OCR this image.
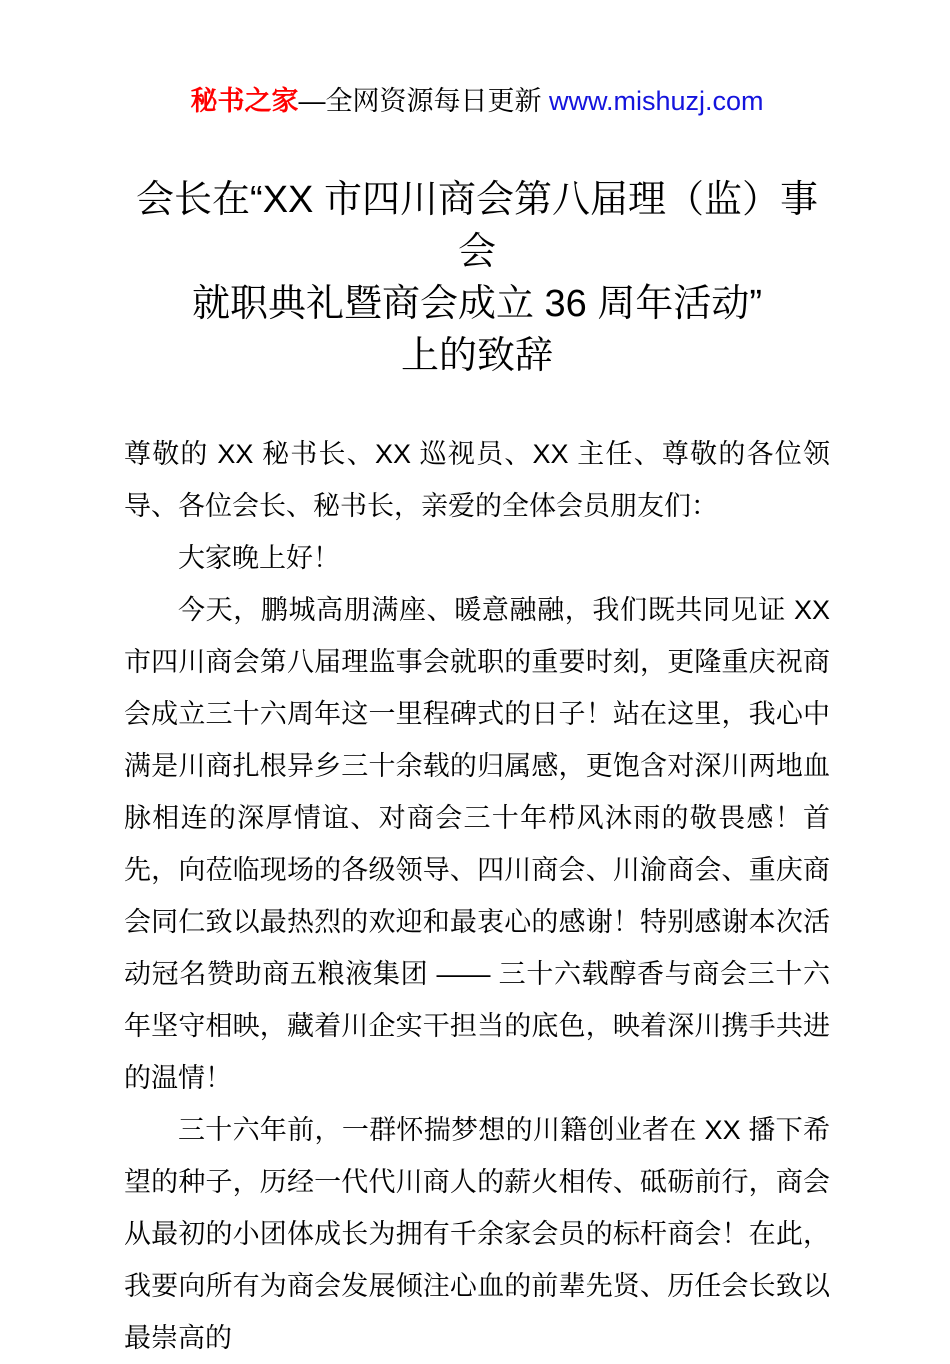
秘书之家—全网资源每日更新 www.mishuzj.com
会长在“XX 市四川商会第八届理（监）事会
就职典礼暨商会成立 36 周年活动”
上的致辞

尊敬的 XX 秘书长、XX 巡视员、XX 主任、尊敬的各位领导、各位会长、秘书长，亲爱的全体会员朋友们：

大家晚上好！

今天，鹏城高朋满座、暖意融融，我们既共同见证 XX 市四川商会第八届理监事会就职的重要时刻，更隆重庆祝商会成立三十六周年这一里程碑式的日子！站在这里，我心中满是川商扎根异乡三十余载的归属感，更饱含对深川两地血脉相连的深厚情谊、对商会三十年栉风沐雨的敬畏感！首先，向莅临现场的各级领导、四川商会、川渝商会、重庆商会同仁致以最热烈的欢迎和最衷心的感谢！特别感谢本次活动冠名赞助商五粮液集团 —— 三十六载醇香与商会三十六年坚守相映，藏着川企实干担当的底色，映着深川携手共进的温情！

三十六年前，一群怀揣梦想的川籍创业者在 XX 播下希望的种子，历经一代代川商人的薪火相传、砥砺前行，商会从最初的小团体成长为拥有千余家会员的标杆商会！在此，我要向所有为商会发展倾注心血的前辈先贤、历任会长致以最崇高的
